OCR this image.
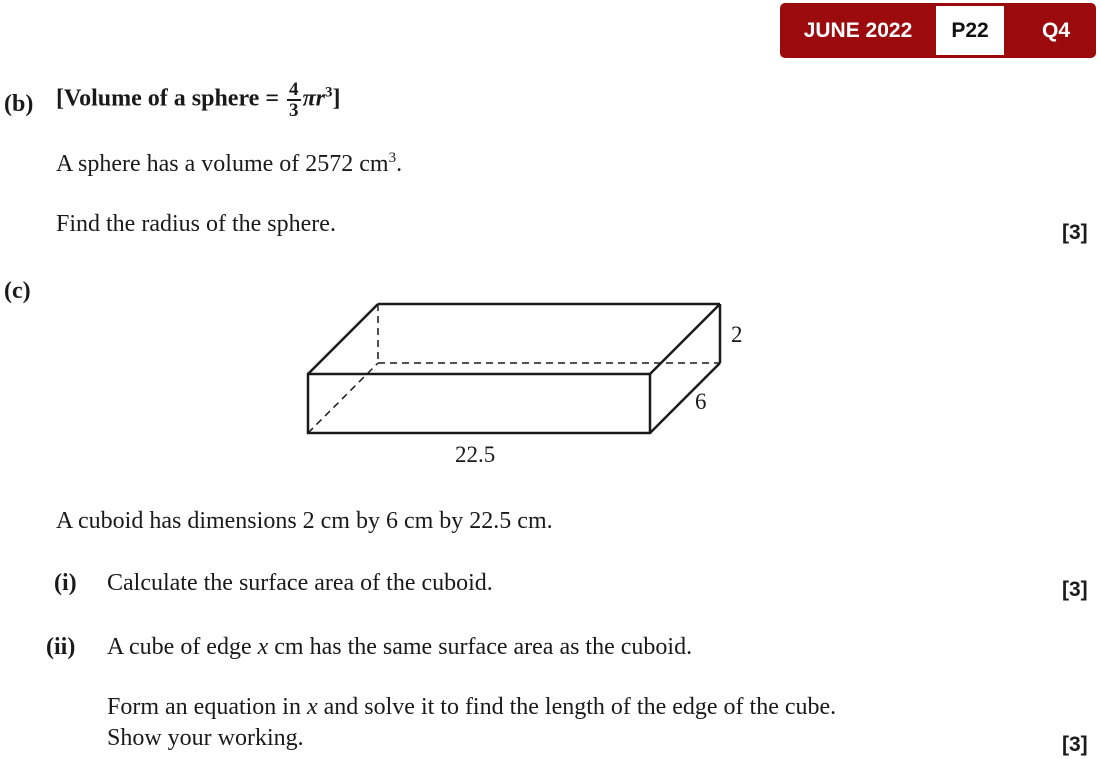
JUNE 2022	P22	Q4
(b) [Volume of a sphere = $\frac{4}{3} \pi r^3$]
A sphere has a volume of 2572 $cm^3$.
Find the radius of the sphere.	[3]
(c)
2
6
22.5
A cuboid has dimensions 2 cm by 6 cm by 22.5 cm.
(i) Calculate the surface area of the cuboid.	[3]
(ii) A cube of edge x cm has the same surface area as the cuboid.
Form an equation in x and solve it to find the length of the edge of the cube.
Show your working.	[3]
